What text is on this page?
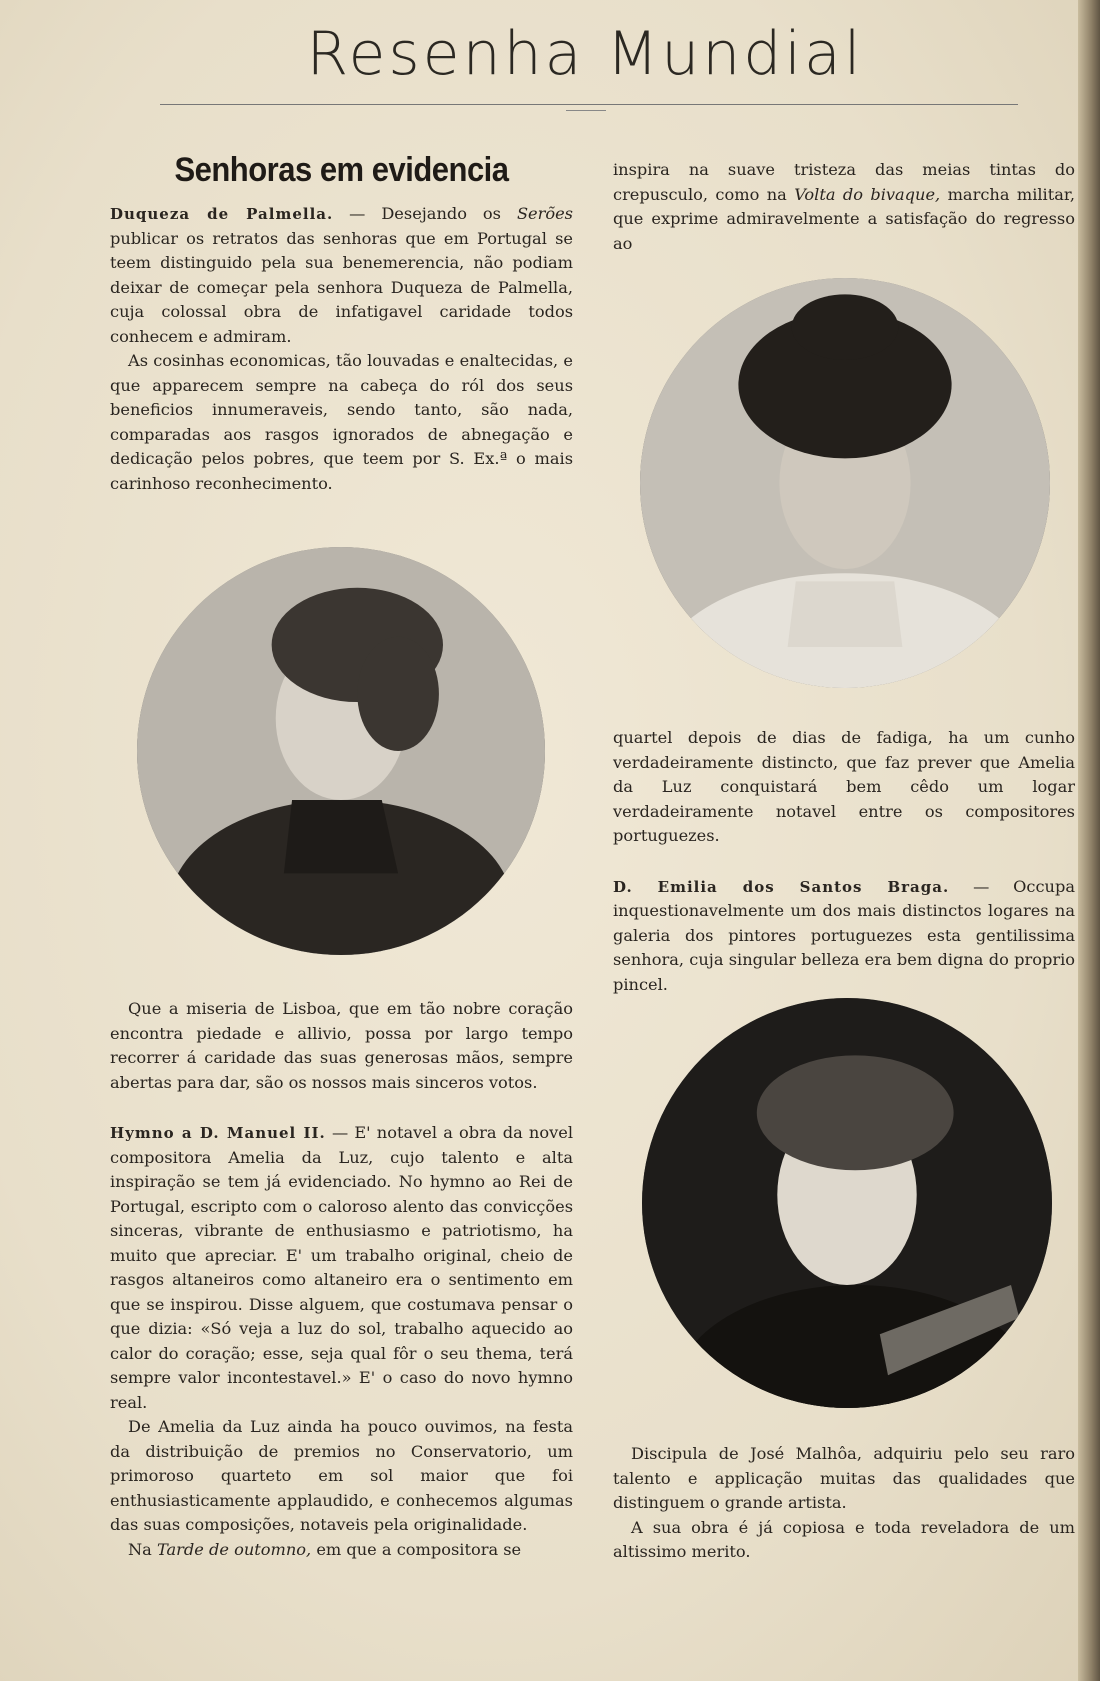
Resenha Mundial
Senhoras em evidencia

Duqueza de Palmella. — Desejando os Serões publicar os retratos das senhoras que em Portugal se teem distinguido pela sua benemerencia, não podiam deixar de começar pela senhora Duqueza de Palmella, cuja colossal obra de infatigavel caridade todos conhecem e admiram.

As cosinhas economicas, tão louvadas e enaltecidas, e que apparecem sempre na cabeça do ról dos seus beneficios innumeraveis, sendo tanto, são nada, comparadas aos rasgos ignorados de abnegação e dedicação pelos pobres, que teem por S. Ex.ª o mais carinhoso reconhecimento.

Que a miseria de Lisboa, que em tão nobre coração encontra piedade e allivio, possa por largo tempo recorrer á caridade das suas generosas mãos, sempre abertas para dar, são os nossos mais sinceros votos.

Hymno a D. Manuel II. — E' notavel a obra da novel compositora Amelia da Luz, cujo talento e alta inspiração se tem já evidenciado. No hymno ao Rei de Portugal, escripto com o caloroso alento das convicções sinceras, vibrante de enthusiasmo e patriotismo, ha muito que apreciar. E' um trabalho original, cheio de rasgos altaneiros como altaneiro era o sentimento em que se inspirou. Disse alguem, que costumava pensar o que dizia: «Só veja a luz do sol, trabalho aquecido ao calor do coração; esse, seja qual fôr o seu thema, terá sempre valor incontestavel.» E' o caso do novo hymno real.

De Amelia da Luz ainda ha pouco ouvimos, na festa da distribuição de premios no Conservatorio, um primoroso quarteto em sol maior que foi enthusiasticamente applaudido, e conhecemos algumas das suas composições, notaveis pela originalidade.

Na Tarde de outomno, em que a compositora se

inspira na suave tristeza das meias tintas do crepusculo, como na Volta do bivaque, marcha militar, que exprime admiravelmente a satisfação do regresso ao

quartel depois de dias de fadiga, ha um cunho verdadeiramente distincto, que faz prever que Amelia da Luz conquistará bem cêdo um logar verdadeiramente notavel entre os compositores portuguezes.

D. Emilia dos Santos Braga. — Occupa inquestionavelmente um dos mais distinctos logares na galeria dos pintores portuguezes esta gentilissima senhora, cuja singular belleza era bem digna do proprio pincel.

Discipula de José Malhôa, adquiriu pelo seu raro talento e applicação muitas das qualidades que distinguem o grande artista.

A sua obra é já copiosa e toda reveladora de um altissimo merito.
